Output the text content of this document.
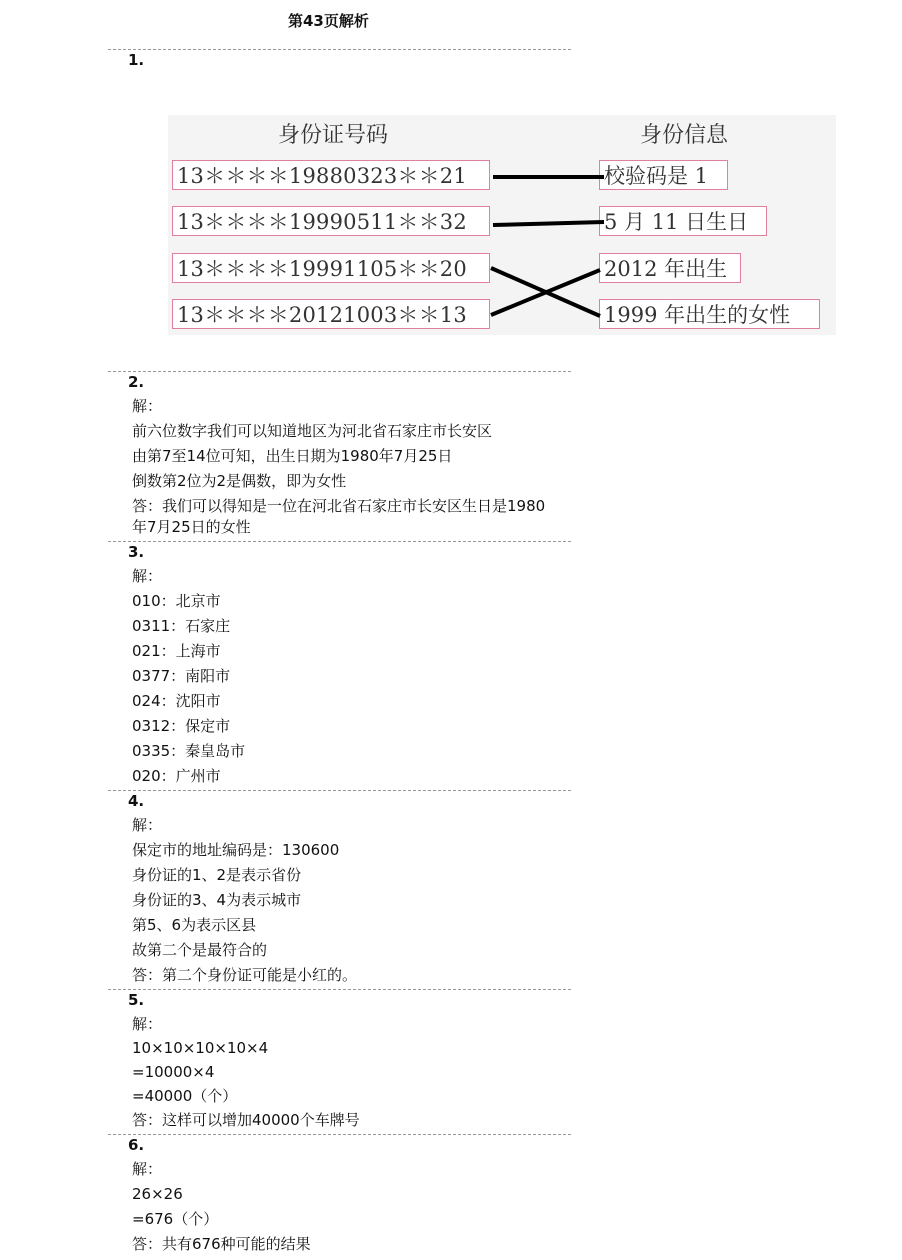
第43页解析
1.
身份证号码	身份信息
13＊＊＊＊19880323＊＊21
13＊＊＊＊19990511＊＊32
13＊＊＊＊19991105＊＊20
13＊＊＊＊20121003＊＊13
校验码是 1
5 月 11 日生日
2012 年出生
1999 年出生的女性
2.
解：
前六位数字我们可以知道地区为河北省石家庄市长安区
由第7至14位可知，出生日期为1980年7月25日
倒数第2位为2是偶数，即为女性
答：我们可以得知是一位在河北省石家庄市长安区生日是1980年7月25日的女性
3.
解：
010：北京市
0311：石家庄
021：上海市
0377：南阳市
024：沈阳市
0312：保定市
0335：秦皇岛市
020：广州市
4.
解：
保定市的地址编码是：130600
身份证的1、2是表示省份
身份证的3、4为表示城市
第5、6为表示区县
故第二个是最符合的
答：第二个身份证可能是小红的。
5.
解：
10×10×10×10×4
=10000×4
=40000（个）
答：这样可以增加40000个车牌号
6.
解：
26×26
=676（个）
答：共有676种可能的结果
